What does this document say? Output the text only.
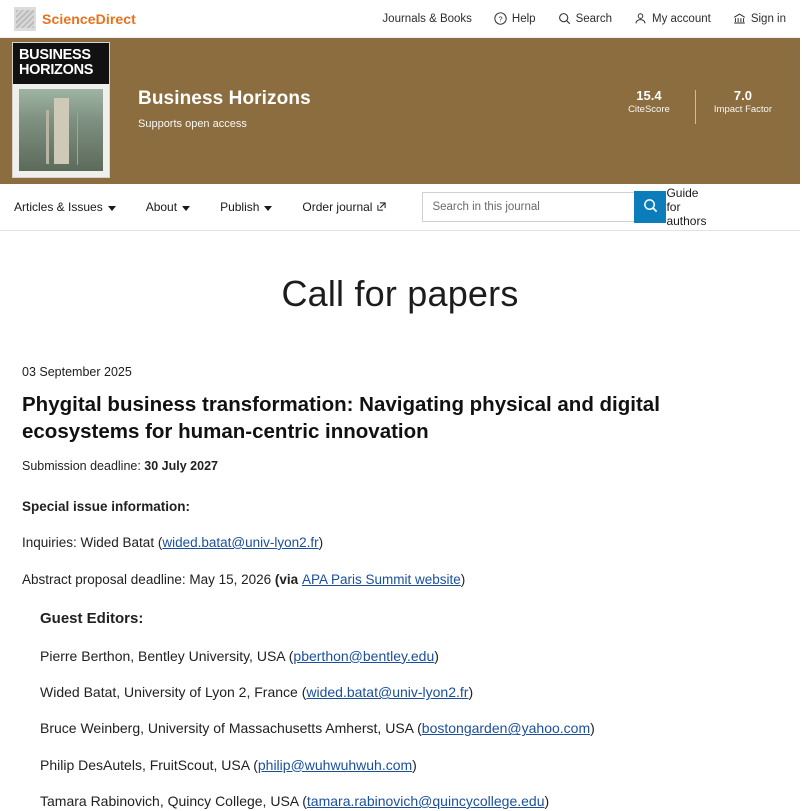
ScienceDirect	Journals & Books	? Help	Search	My account	Sign in
BUSINESS
HORIZONS
Business Horizons
Supports open access
15.4
CiteScore
7.0
Impact Factor
Articles & Issues	About	Publish	Order journal
Search in this journal
Guide for authors
Call for papers
03 September 2025
Phygital business transformation: Navigating physical and digital ecosystems for human-centric innovation
Submission deadline: 30 July 2027
Special issue information:
Inquiries: Wided Batat (wided.batat@univ-lyon2.fr)
Abstract proposal deadline: May 15, 2026 (via APA Paris Summit website)
Guest Editors:
Pierre Berthon, Bentley University, USA (pberthon@bentley.edu)
Wided Batat, University of Lyon 2, France (wided.batat@univ-lyon2.fr)
Bruce Weinberg, University of Massachusetts Amherst, USA (bostongarden@yahoo.com)
Philip DesAutels, FruitScout, USA (philip@wuhwuhwuh.com)
Tamara Rabinovich, Quincy College, USA (tamara.rabinovich@quincycollege.edu)
